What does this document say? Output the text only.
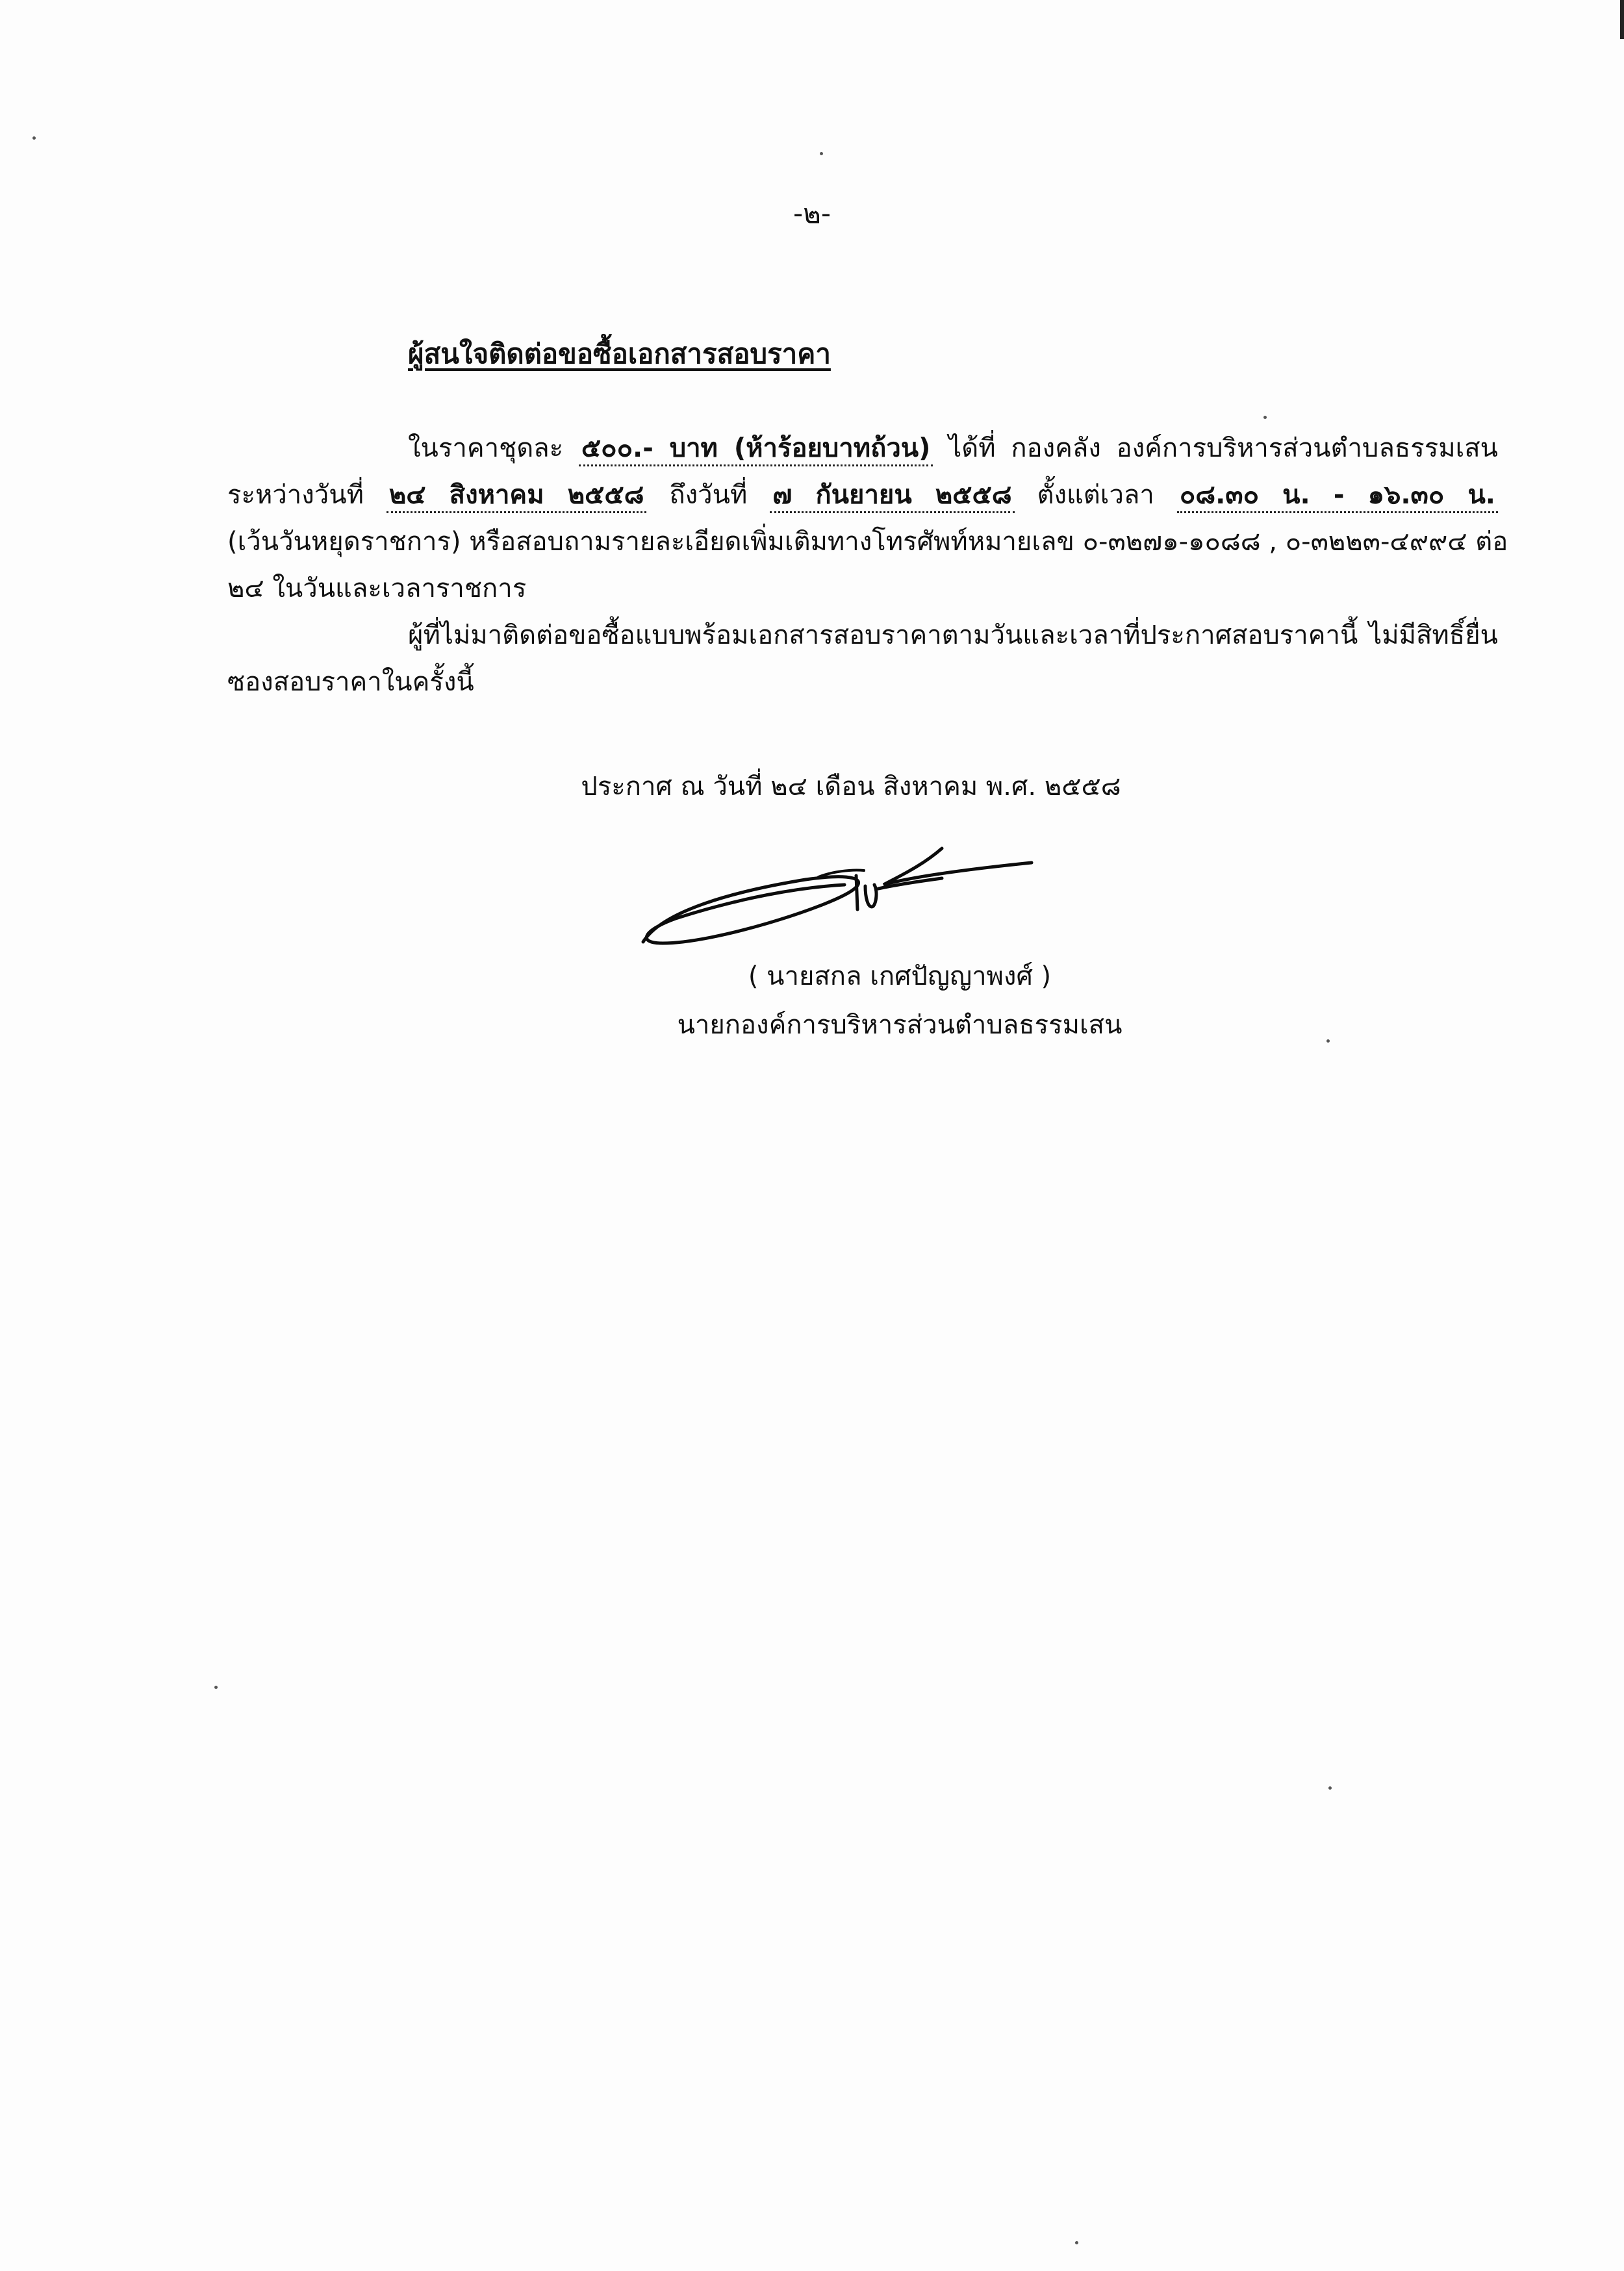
-๒-
ผู้สนใจติดต่อขอซื้อเอกสารสอบราคา
ในราคาชุดละ ๕๐๐.- บาท (ห้าร้อยบาทถ้วน) ได้ที่ กองคลัง องค์การบริหารส่วนตำบลธรรมเสน
ระหว่างวันที่ ๒๔ สิงหาคม ๒๕๕๘ ถึงวันที่ ๗ กันยายน ๒๕๕๘ ตั้งแต่เวลา ๐๘.๓๐ น. - ๑๖.๓๐ น.
(เว้นวันหยุดราชการ) หรือสอบถามรายละเอียดเพิ่มเติมทางโทรศัพท์หมายเลข ๐-๓๒๗๑-๑๐๘๘ , ๐-๓๒๒๓-๔๙๙๔ ต่อ
๒๔ ในวันและเวลาราชการ
ผู้ที่ไม่มาติดต่อขอซื้อแบบพร้อมเอกสารสอบราคาตามวันและเวลาที่ประกาศสอบราคานี้ ไม่มีสิทธิ์ยื่น
ซองสอบราคาในครั้งนี้
ประกาศ ณ วันที่ ๒๔ เดือน สิงหาคม พ.ศ. ๒๕๕๘
( นายสกล เกศปัญญาพงศ์ )
นายกองค์การบริหารส่วนตำบลธรรมเสน
